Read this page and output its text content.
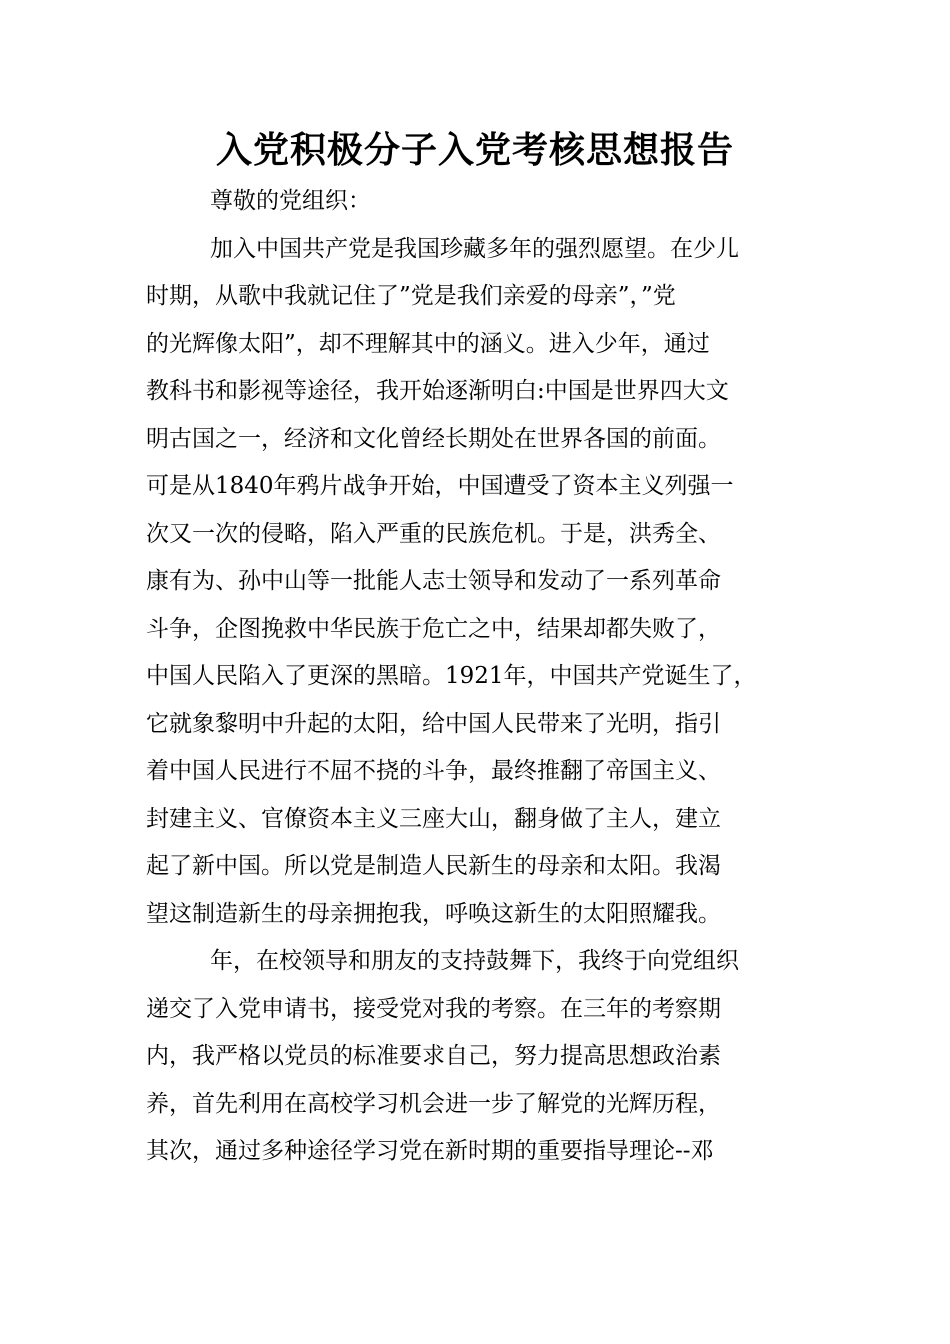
入党积极分子入党考核思想报告
尊敬的党组织：
加入中国共产党是我国珍藏多年的强烈愿望。在少儿
时期，从歌中我就记住了”党是我们亲爱的母亲”，”党
的光辉像太阳”，却不理解其中的涵义。进入少年，通过
教科书和影视等途径，我开始逐渐明白:中国是世界四大文
明古国之一，经济和文化曾经长期处在世界各国的前面。
可是从1840年鸦片战争开始，中国遭受了资本主义列强一
次又一次的侵略，陷入严重的民族危机。于是，洪秀全、
康有为、孙中山等一批能人志士领导和发动了一系列革命
斗争，企图挽救中华民族于危亡之中，结果却都失败了，
中国人民陷入了更深的黑暗。1921年，中国共产党诞生了，
它就象黎明中升起的太阳，给中国人民带来了光明，指引
着中国人民进行不屈不挠的斗争，最终推翻了帝国主义、
封建主义、官僚资本主义三座大山，翻身做了主人，建立
起了新中国。所以党是制造人民新生的母亲和太阳。我渴
望这制造新生的母亲拥抱我，呼唤这新生的太阳照耀我。
年，在校领导和朋友的支持鼓舞下，我终于向党组织
递交了入党申请书，接受党对我的考察。在三年的考察期
内，我严格以党员的标准要求自己，努力提高思想政治素
养，首先利用在高校学习机会进一步了解党的光辉历程，
其次，通过多种途径学习党在新时期的重要指导理论--邓
